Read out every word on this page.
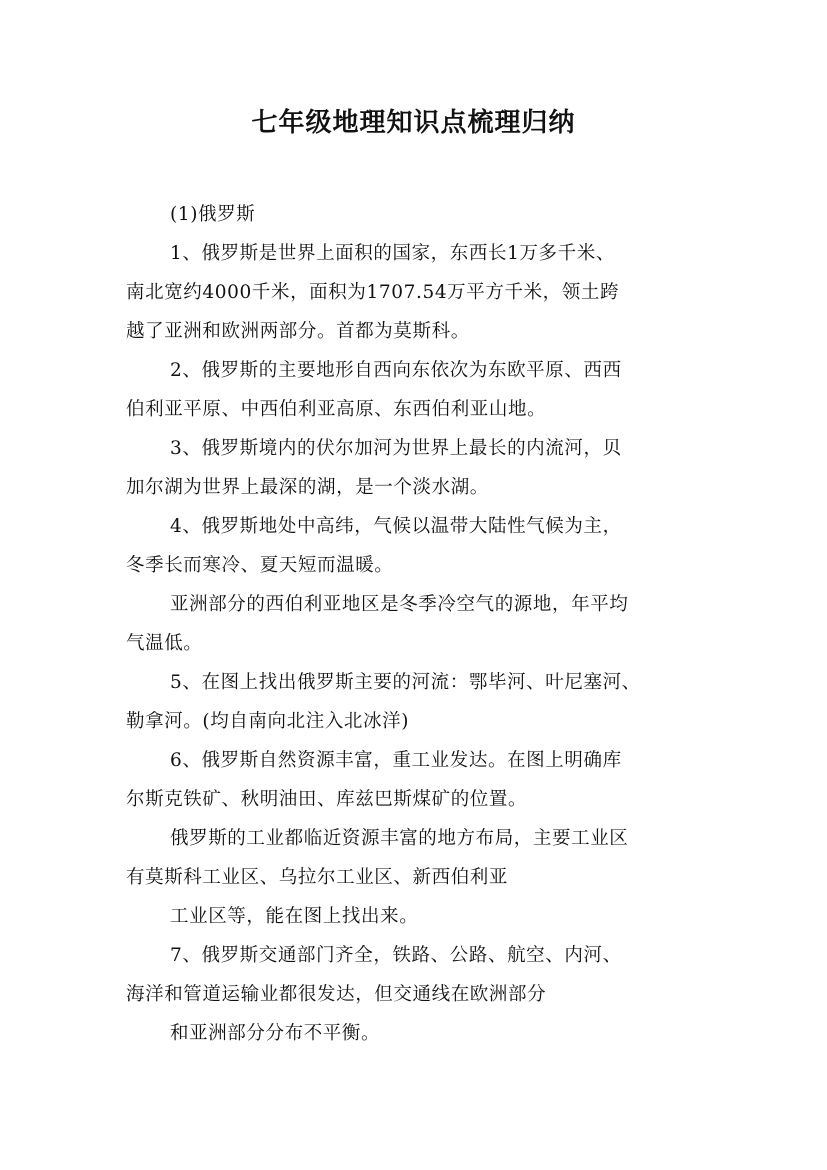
七年级地理知识点梳理归纳
(1)俄罗斯
1、俄罗斯是世界上面积的国家，东西长1万多千米、
南北宽约4000千米，面积为1707.54万平方千米，领土跨
越了亚洲和欧洲两部分。首都为莫斯科。
2、俄罗斯的主要地形自西向东依次为东欧平原、西西
伯利亚平原、中西伯利亚高原、东西伯利亚山地。
3、俄罗斯境内的伏尔加河为世界上最长的内流河，贝
加尔湖为世界上最深的湖，是一个淡水湖。
4、俄罗斯地处中高纬，气候以温带大陆性气候为主，
冬季长而寒冷、夏天短而温暖。
亚洲部分的西伯利亚地区是冬季冷空气的源地，年平均
气温低。
5、在图上找出俄罗斯主要的河流：鄂毕河、叶尼塞河、
勒拿河。(均自南向北注入北冰洋)
6、俄罗斯自然资源丰富，重工业发达。在图上明确库
尔斯克铁矿、秋明油田、库兹巴斯煤矿的位置。
俄罗斯的工业都临近资源丰富的地方布局，主要工业区
有莫斯科工业区、乌拉尔工业区、新西伯利亚
工业区等，能在图上找出来。
7、俄罗斯交通部门齐全，铁路、公路、航空、内河、
海洋和管道运输业都很发达，但交通线在欧洲部分
和亚洲部分分布不平衡。
